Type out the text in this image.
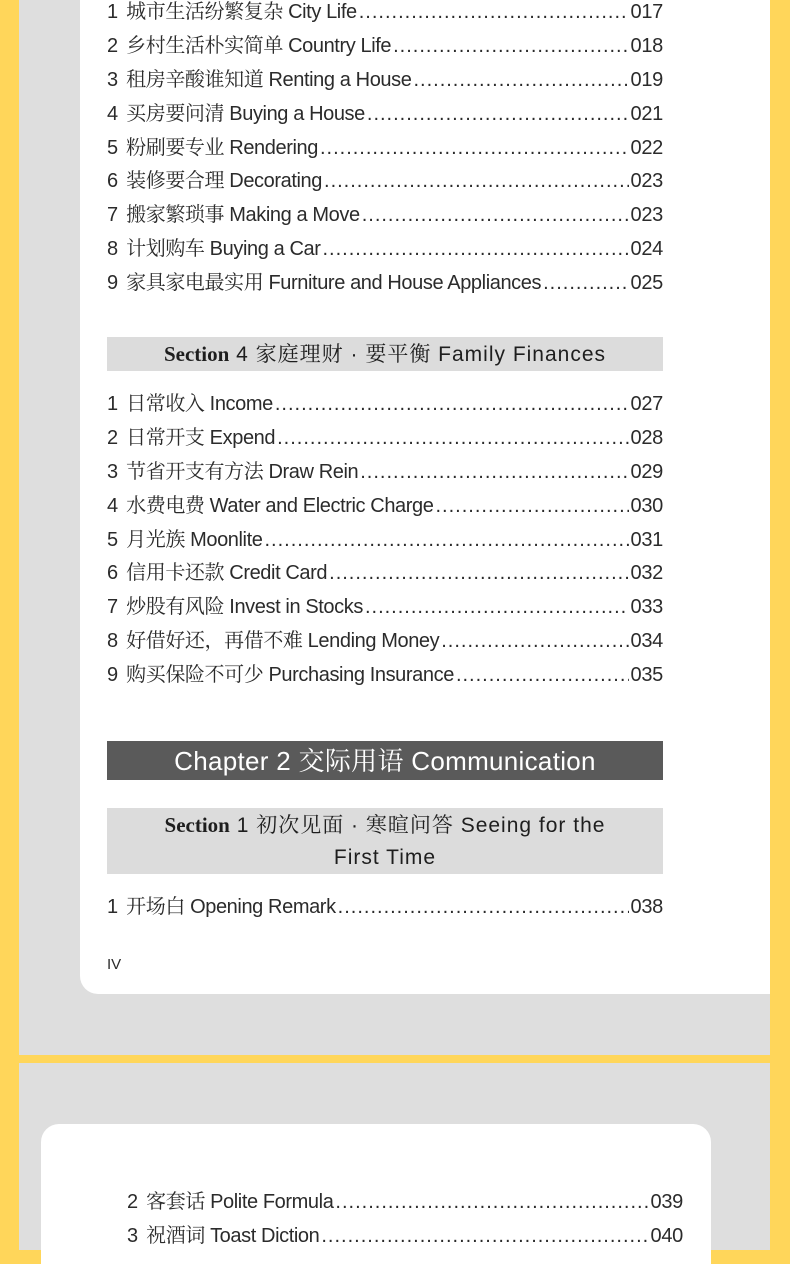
1 城市生活纷繁复杂 City Life .....	017
2 乡村生活朴实简单 Country Life .....	018
3 租房辛酸谁知道 Renting a House .....	019
4 买房要问清 Buying a House .....	021
5 粉刷要专业 Rendering .....	022
6 装修要合理 Decorating .....	023
7 搬家繁琐事 Making a Move .....	023
8 计划购车 Buying a Car .....	024
9 家具家电最实用 Furniture and House Appliances .....	025
Section 4 家庭理财 · 要平衡 Family Finances
1 日常收入 Income .....	027
2 日常开支 Expend .....	028
3 节省开支有方法 Draw Rein .....	029
4 水费电费 Water and Electric Charge .....	030
5 月光族 Moonlite .....	031
6 信用卡还款 Credit Card .....	032
7 炒股有风险 Invest in Stocks .....	033
8 好借好还，再借不难 Lending Money .....	034
9 购买保险不可少 Purchasing Insurance .....	035
Chapter 2 交际用语 Communication
Section 1 初次见面 · 寒暄问答 Seeing for the
First Time
1 开场白 Opening Remark .....	038
IV
2 客套话 Polite Formula .....	039
3 祝酒词 Toast Diction .....	040
